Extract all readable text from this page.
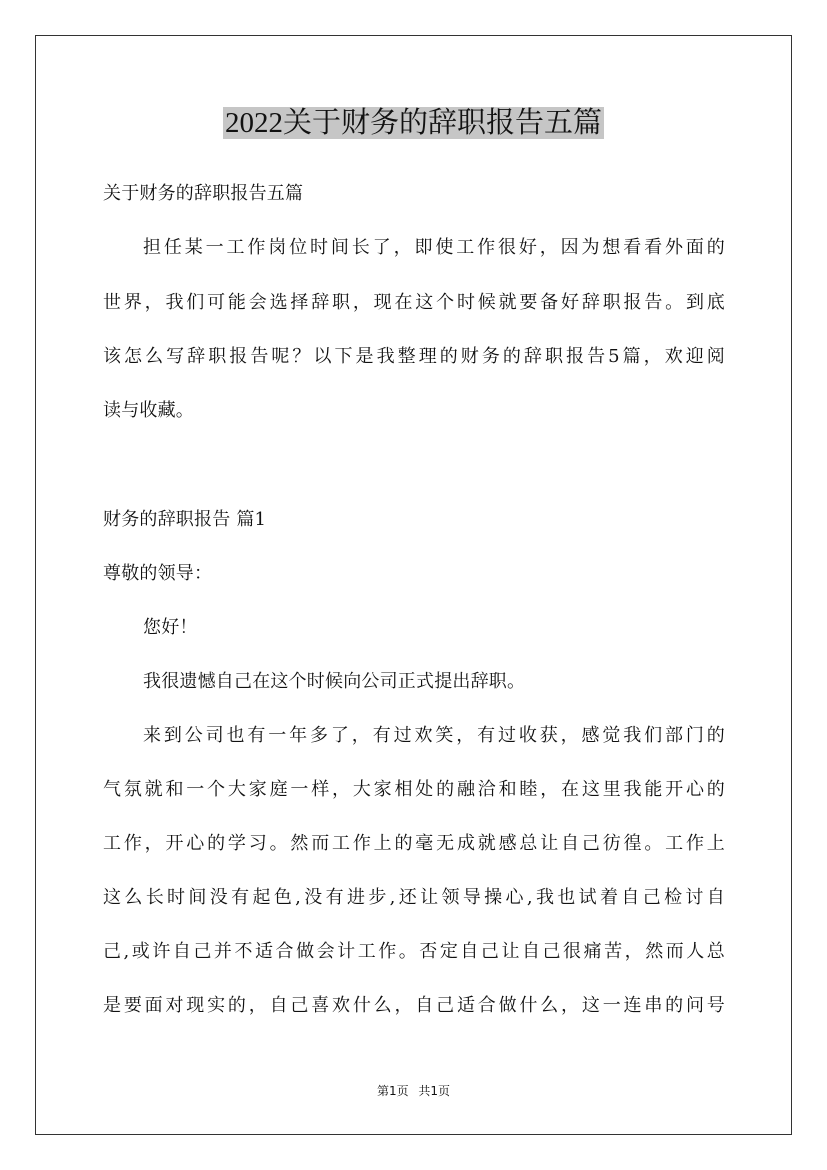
2022关于财务的辞职报告五篇
关于财务的辞职报告五篇
担任某一工作岗位时间长了，即使工作很好，因为想看看外面的
世界，我们可能会选择辞职，现在这个时候就要备好辞职报告。到底
该怎么写辞职报告呢？以下是我整理的财务的辞职报告5篇，欢迎阅
读与收藏。
财务的辞职报告 篇1
尊敬的领导：
您好！
我很遗憾自己在这个时候向公司正式提出辞职。
来到公司也有一年多了，有过欢笑，有过收获，感觉我们部门的
气氛就和一个大家庭一样，大家相处的融洽和睦，在这里我能开心的
工作，开心的学习。然而工作上的毫无成就感总让自己彷徨。工作上
这么长时间没有起色,没有进步,还让领导操心,我也试着自己检讨自
己,或许自己并不适合做会计工作。否定自己让自己很痛苦，然而人总
是要面对现实的，自己喜欢什么，自己适合做什么，这一连串的问号
第1页 共1页
